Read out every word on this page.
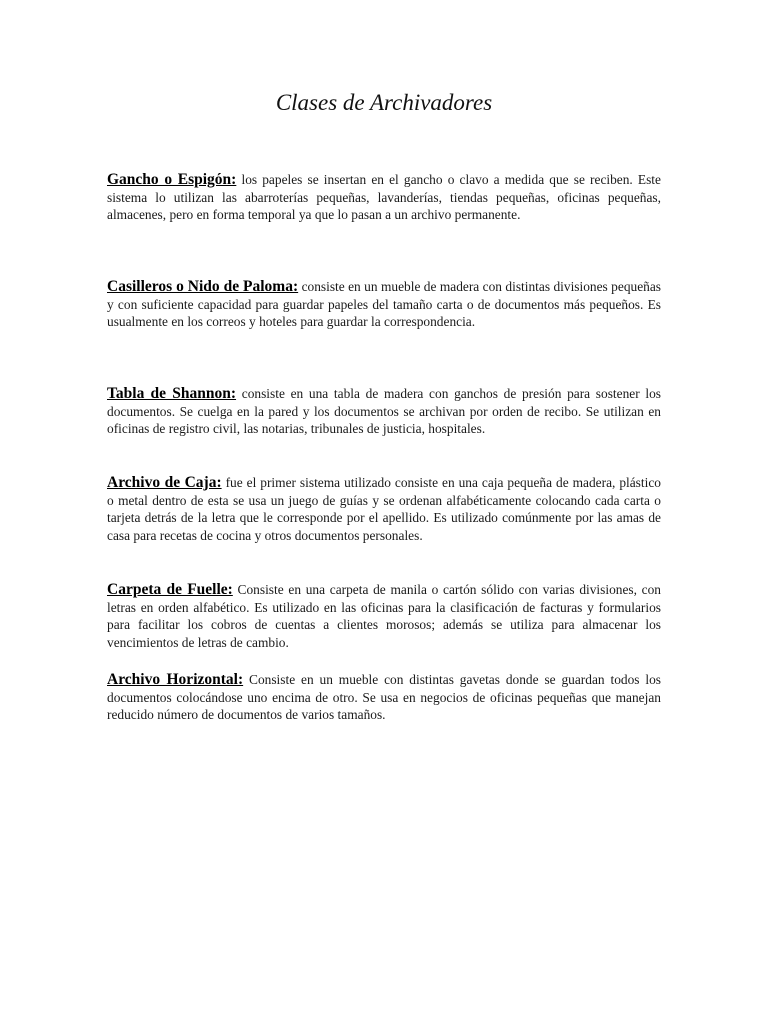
Clases de Archivadores

Gancho o Espigón: los papeles se insertan en el gancho o clavo a medida que se reciben. Este sistema lo utilizan las abarroterías pequeñas, lavanderías, tiendas pequeñas, oficinas pequeñas, almacenes, pero en forma temporal ya que lo pasan a un archivo permanente.

Casilleros o Nido de Paloma: consiste en un mueble de madera con distintas divisiones pequeñas y con suficiente capacidad para guardar papeles del tamaño carta o de documentos más pequeños. Es usualmente en los correos y hoteles para guardar la correspondencia.

Tabla de Shannon: consiste en una tabla de madera con ganchos de presión para sostener los documentos. Se cuelga en la pared y los documentos se archivan por orden de recibo. Se utilizan en oficinas de registro civil, las notarias, tribunales de justicia, hospitales.

Archivo de Caja: fue el primer sistema utilizado consiste en una caja pequeña de madera, plástico o metal dentro de esta se usa un juego de guías y se ordenan alfabéticamente colocando cada carta o tarjeta detrás de la letra que le corresponde por el apellido. Es utilizado comúnmente por las amas de casa para recetas de cocina y otros documentos personales.

Carpeta de Fuelle: Consiste en una carpeta de manila o cartón sólido con varias divisiones, con letras en orden alfabético. Es utilizado en las oficinas para la clasificación de facturas y formularios para facilitar los cobros de cuentas a clientes morosos; además se utiliza para almacenar los vencimientos de letras de cambio.

Archivo Horizontal: Consiste en un mueble con distintas gavetas donde se guardan todos los documentos colocándose uno encima de otro. Se usa en negocios de oficinas pequeñas que manejan reducido número de documentos de varios tamaños.
